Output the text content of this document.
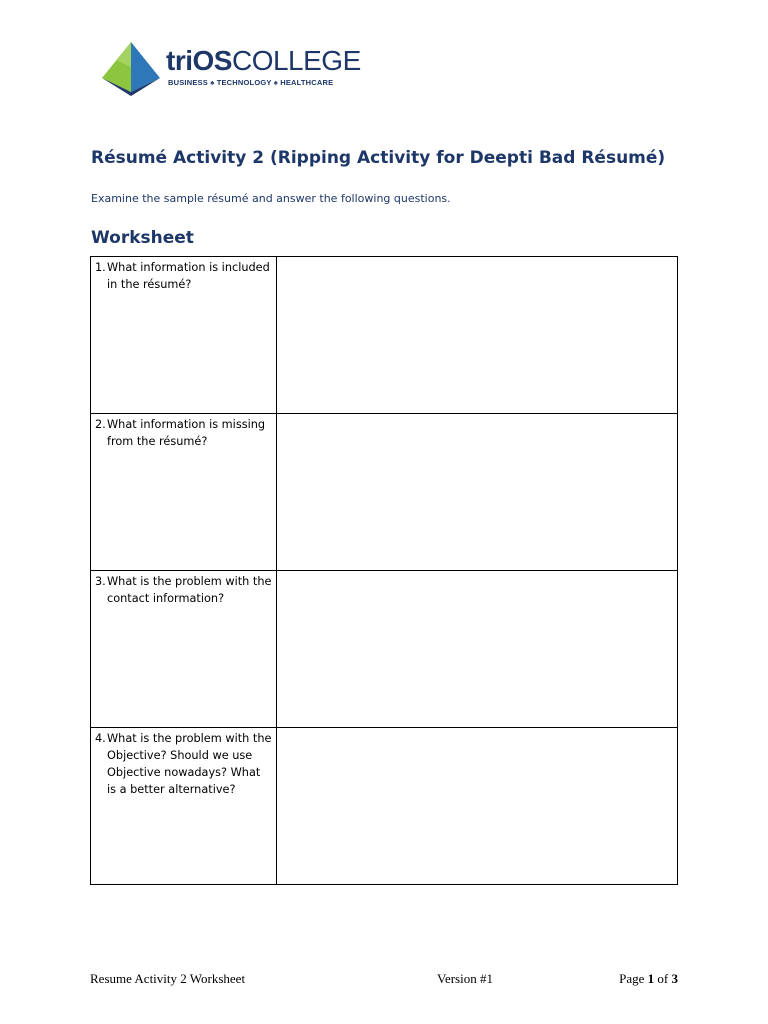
triOSCOLLEGE
BUSINESS ♠ TECHNOLOGY ♠ HEALTHCARE
Résumé Activity 2 (Ripping Activity for Deepti Bad Résumé)

Examine the sample résumé and answer the following questions.

Worksheet
1. What information is included in the résumé?	

2. What information is missing from the résumé?	

3. What is the problem with the contact information?	

4. What is the problem with the Objective? Should we use Objective nowadays? What is a better alternative?	

Resume Activity 2 Worksheet	Version #1	Page 1 of 3
